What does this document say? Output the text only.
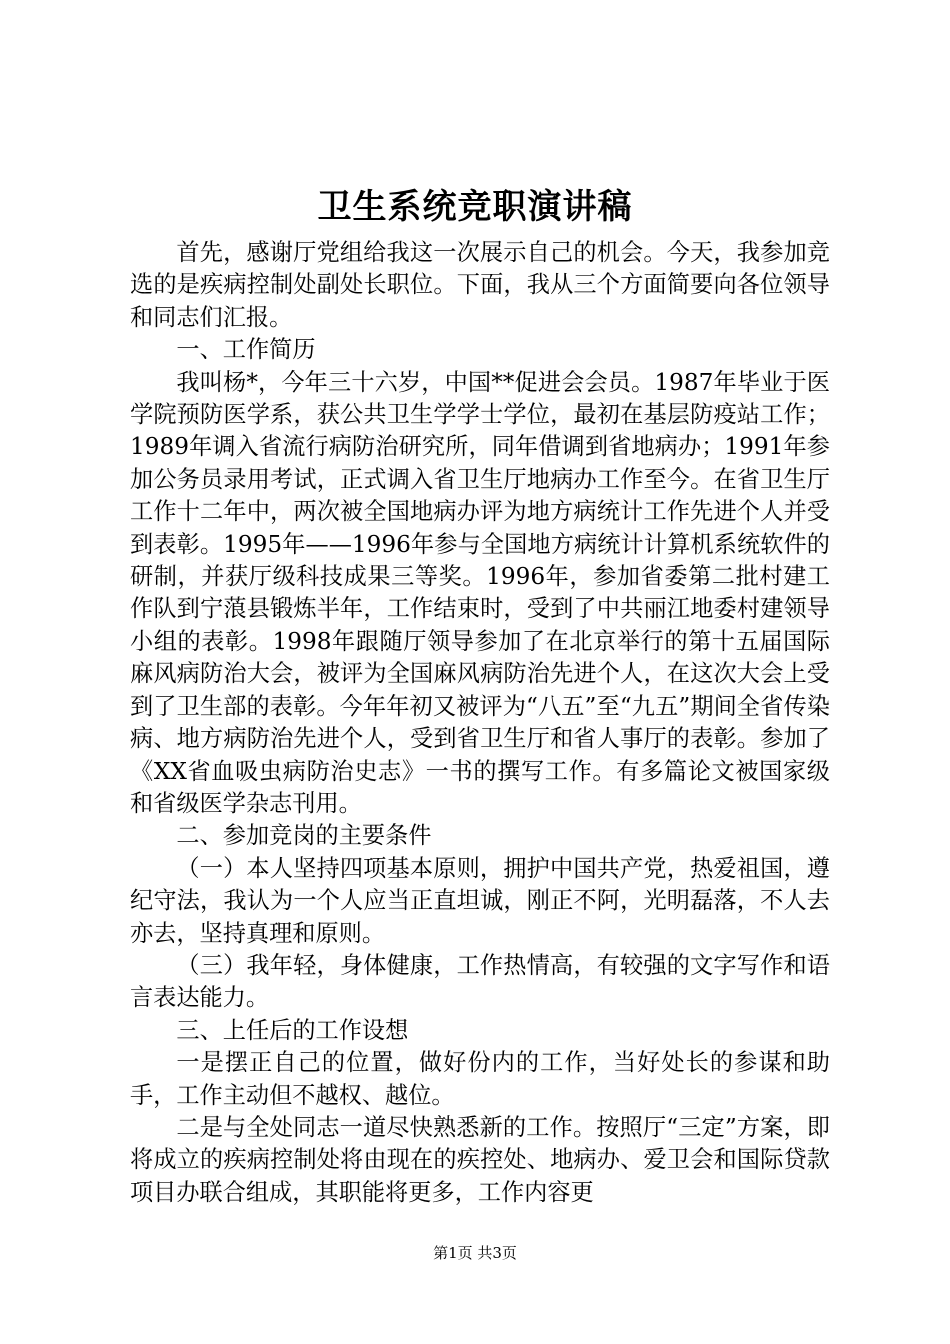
卫生系统竞职演讲稿

首先，感谢厅党组给我这一次展示自己的机会。今天，我参加竞选的是疾病控制处副处长职位。下面，我从三个方面简要向各位领导和同志们汇报。

一、工作简历

我叫杨*，今年三十六岁，中国**促进会会员。1987年毕业于医学院预防医学系，获公共卫生学学士学位，最初在基层防疫站工作；1989年调入省流行病防治研究所，同年借调到省地病办；1991年参加公务员录用考试，正式调入省卫生厅地病办工作至今。在省卫生厅工作十二年中，两次被全国地病办评为地方病统计工作先进个人并受到表彰。1995年——1996年参与全国地方病统计计算机系统软件的研制，并获厅级科技成果三等奖。1996年，参加省委第二批村建工作队到宁蒗县锻炼半年，工作结束时，受到了中共丽江地委村建领导小组的表彰。1998年跟随厅领导参加了在北京举行的第十五届国际麻风病防治大会，被评为全国麻风病防治先进个人，在这次大会上受到了卫生部的表彰。今年年初又被评为“八五”至“九五”期间全省传染病、地方病防治先进个人，受到省卫生厅和省人事厅的表彰。参加了《XX省血吸虫病防治史志》一书的撰写工作。有多篇论文被国家级和省级医学杂志刊用。

二、参加竞岗的主要条件

（一）本人坚持四项基本原则，拥护中国共产党，热爱祖国，遵纪守法，我认为一个人应当正直坦诚，刚正不阿，光明磊落，不人去亦去，坚持真理和原则。

（三）我年轻，身体健康，工作热情高，有较强的文字写作和语言表达能力。

三、上任后的工作设想

一是摆正自己的位置，做好份内的工作，当好处长的参谋和助手，工作主动但不越权、越位。

二是与全处同志一道尽快熟悉新的工作。按照厅“三定”方案，即将成立的疾病控制处将由现在的疾控处、地病办、爱卫会和国际贷款项目办联合组成，其职能将更多，工作内容更

第1页 共3页
